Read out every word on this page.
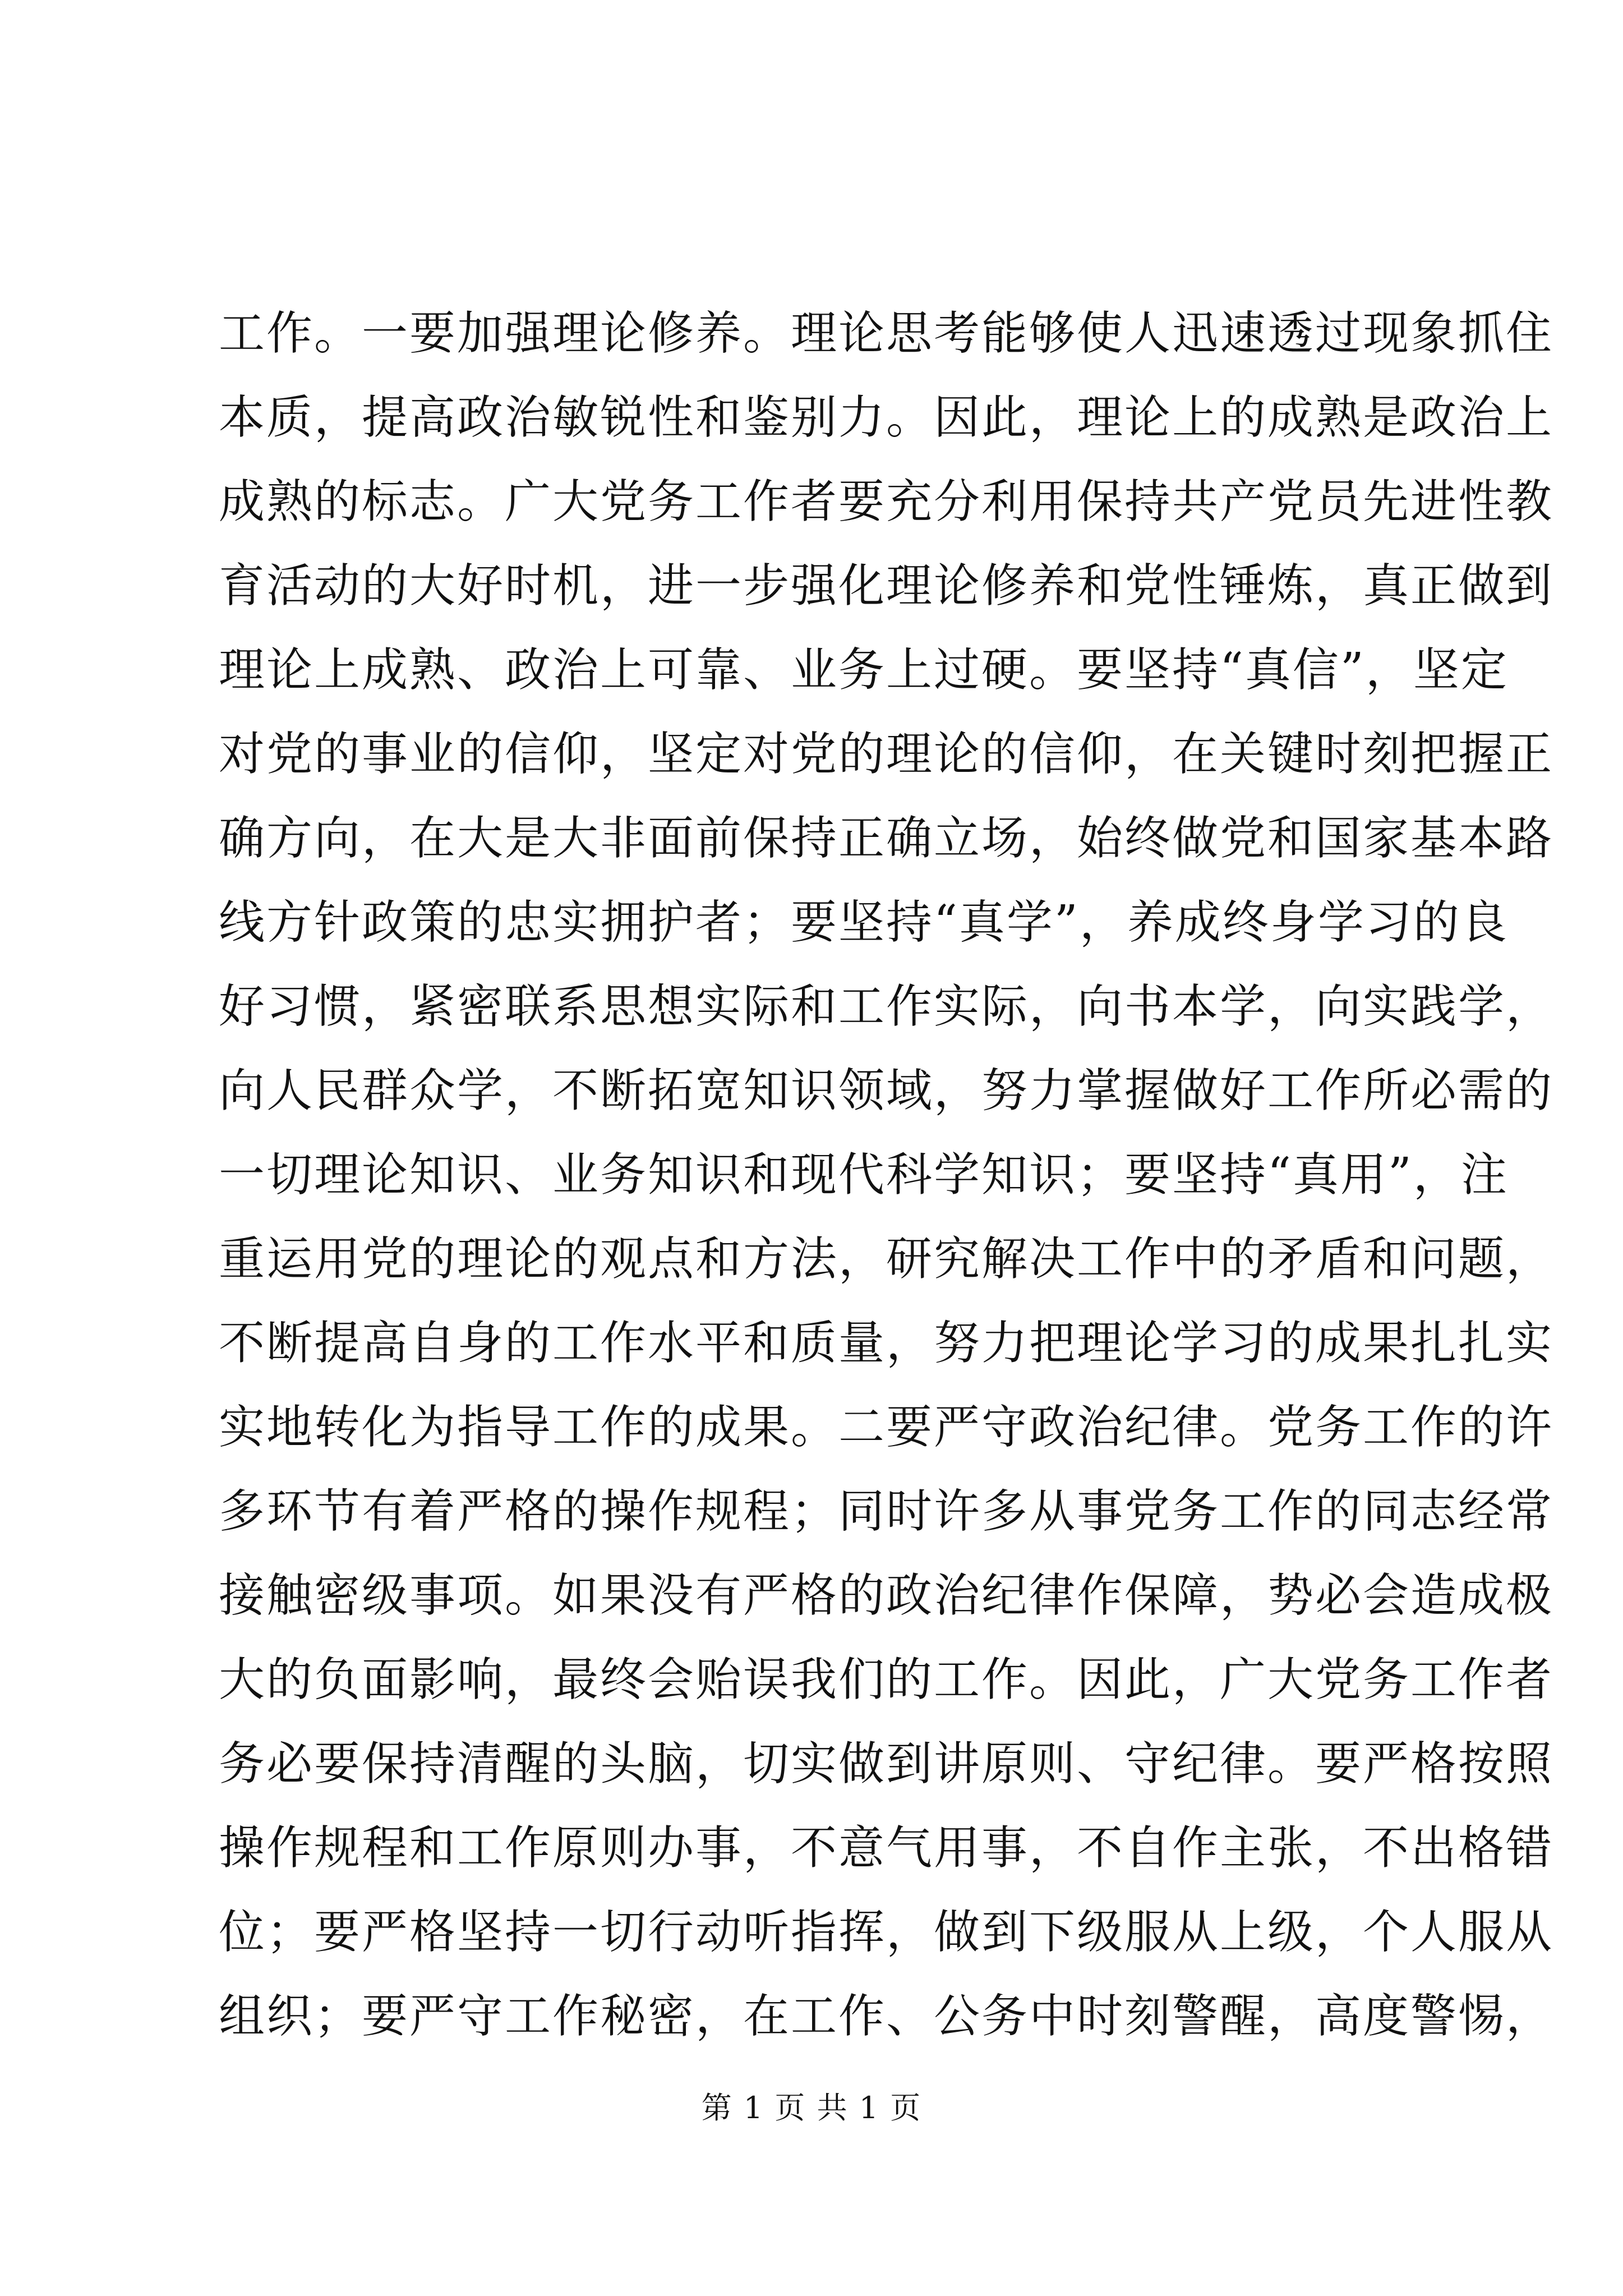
工作。一要加强理论修养。理论思考能够使人迅速透过现象抓住
本质，提高政治敏锐性和鉴别力。因此，理论上的成熟是政治上
成熟的标志。广大党务工作者要充分利用保持共产党员先进性教
育活动的大好时机，进一步强化理论修养和党性锤炼，真正做到
理论上成熟、政治上可靠、业务上过硬。要坚持“真信”，坚定
对党的事业的信仰，坚定对党的理论的信仰，在关键时刻把握正
确方向，在大是大非面前保持正确立场，始终做党和国家基本路
线方针政策的忠实拥护者；要坚持“真学”，养成终身学习的良
好习惯，紧密联系思想实际和工作实际，向书本学，向实践学，
向人民群众学，不断拓宽知识领域，努力掌握做好工作所必需的
一切理论知识、业务知识和现代科学知识；要坚持“真用”，注
重运用党的理论的观点和方法，研究解决工作中的矛盾和问题，
不断提高自身的工作水平和质量，努力把理论学习的成果扎扎实
实地转化为指导工作的成果。二要严守政治纪律。党务工作的许
多环节有着严格的操作规程；同时许多从事党务工作的同志经常
接触密级事项。如果没有严格的政治纪律作保障，势必会造成极
大的负面影响，最终会贻误我们的工作。因此，广大党务工作者
务必要保持清醒的头脑，切实做到讲原则、守纪律。要严格按照
操作规程和工作原则办事，不意气用事，不自作主张，不出格错
位；要严格坚持一切行动听指挥，做到下级服从上级，个人服从
组织；要严守工作秘密，在工作、公务中时刻警醒，高度警惕，
第 1 页 共 1 页
